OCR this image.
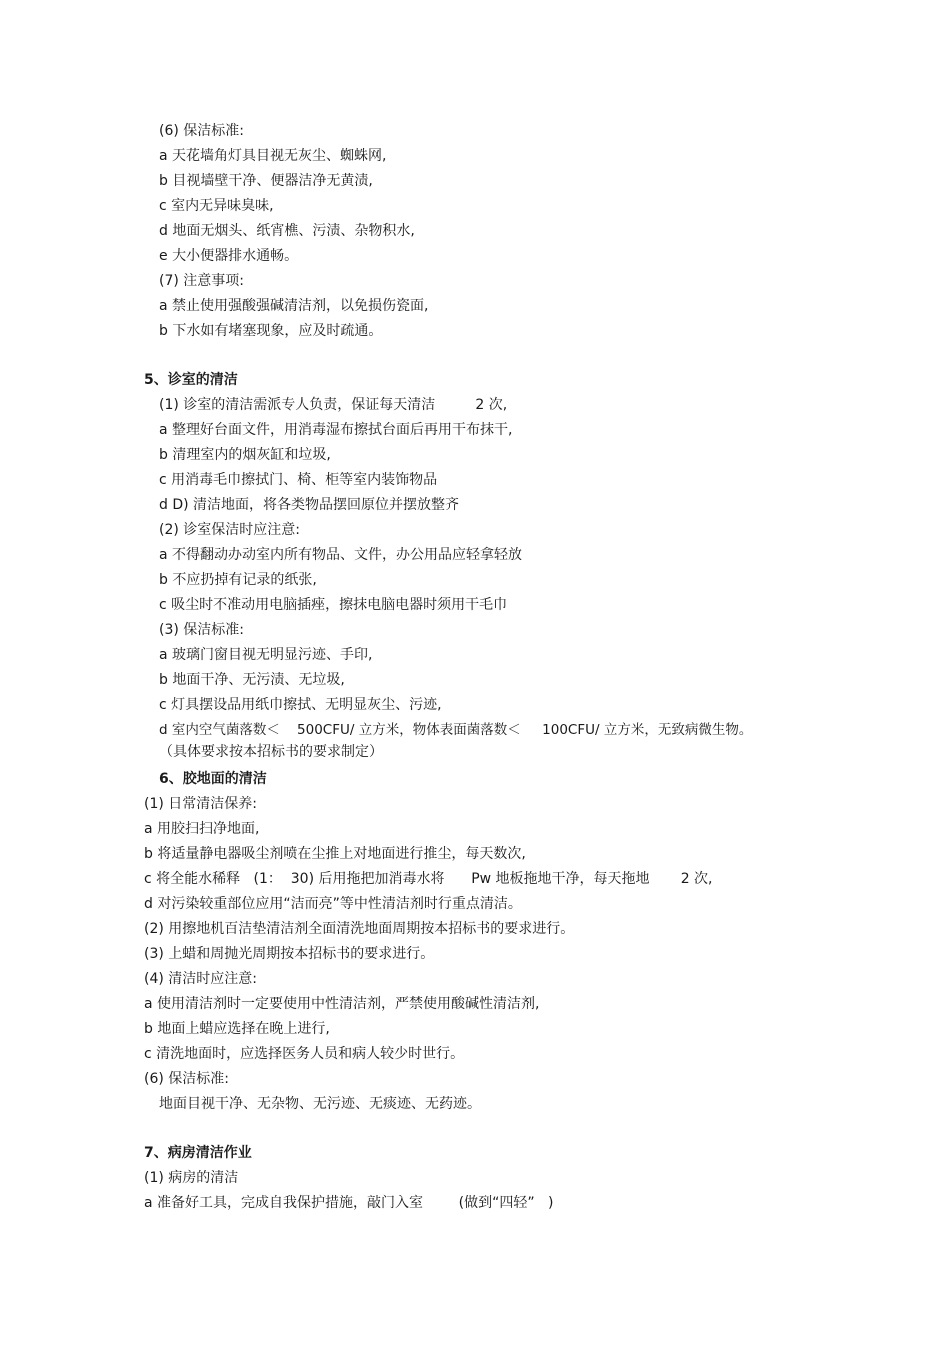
(6) 保洁标准:
a 天花墙角灯具目视无灰尘、蜘蛛网,
b 目视墙壁干净、便器洁净无黄渍,
c 室内无异味臭味,
d 地面无烟头、纸宵樵、污渍、杂物积水,
e 大小便器排水通畅。
(7) 注意事项:
a 禁止使用强酸强碱清洁剂，以免损伤瓷面,
b 下水如有堵塞现象，应及时疏通。
5、诊室的清洁
(1) 诊室的清洁需派专人负责，保证每天清洁         2 次,
a 整理好台面文件，用消毒湿布擦拭台面后再用干布抹干,
b 清理室内的烟灰缸和垃圾,
c 用消毒毛巾擦拭门、椅、柜等室内装饰物品
d D) 清洁地面，将各类物品摆回原位并摆放整齐
(2) 诊室保洁时应注意:
a 不得翻动办动室内所有物品、文件，办公用品应轻拿轻放
b 不应扔掉有记录的纸张,
c 吸尘时不准动用电脑插痤，擦抹电脑电器时须用干毛巾
(3) 保洁标准:
a 玻璃门窗目视无明显污迹、手印,
b 地面干净、无污渍、无垃圾,
c 灯具摆设品用纸巾擦拭、无明显灰尘、污迹,
d 室内空气菌落数＜    500CFU/ 立方米，物体表面菌落数＜     100CFU/ 立方米，无致病微生物。
（具体要求按本招标书的要求制定）
6、胶地面的清洁
(1) 日常清洁保养:
a 用胶扫扫净地面,
b 将适量静电器吸尘剂喷在尘推上对地面进行推尘，每天数次,
c 将全能水稀释   (1：  30) 后用拖把加消毒水将      Pw 地板拖地干净，每天拖地       2 次,
d 对污染较重部位应用“洁而亮”等中性清洁剂时行重点清洁。
(2) 用擦地机百洁垫清洁剂全面清洗地面周期按本招标书的要求进行。
(3) 上蜡和周抛光周期按本招标书的要求进行。
(4) 清洁时应注意:
a 使用清洁剂时一定要使用中性清洁剂，严禁使用酸碱性清洁剂,
b 地面上蜡应选择在晚上进行,
c 清洗地面时，应选择医务人员和病人较少时世行。
(6) 保洁标准:
地面目视干净、无杂物、无污迹、无痰迹、无药迹。
7、病房清洁作业
(1) 病房的清洁
a 准备好工具，完成自我保护措施，敲门入室        (做到“四轻”   )
